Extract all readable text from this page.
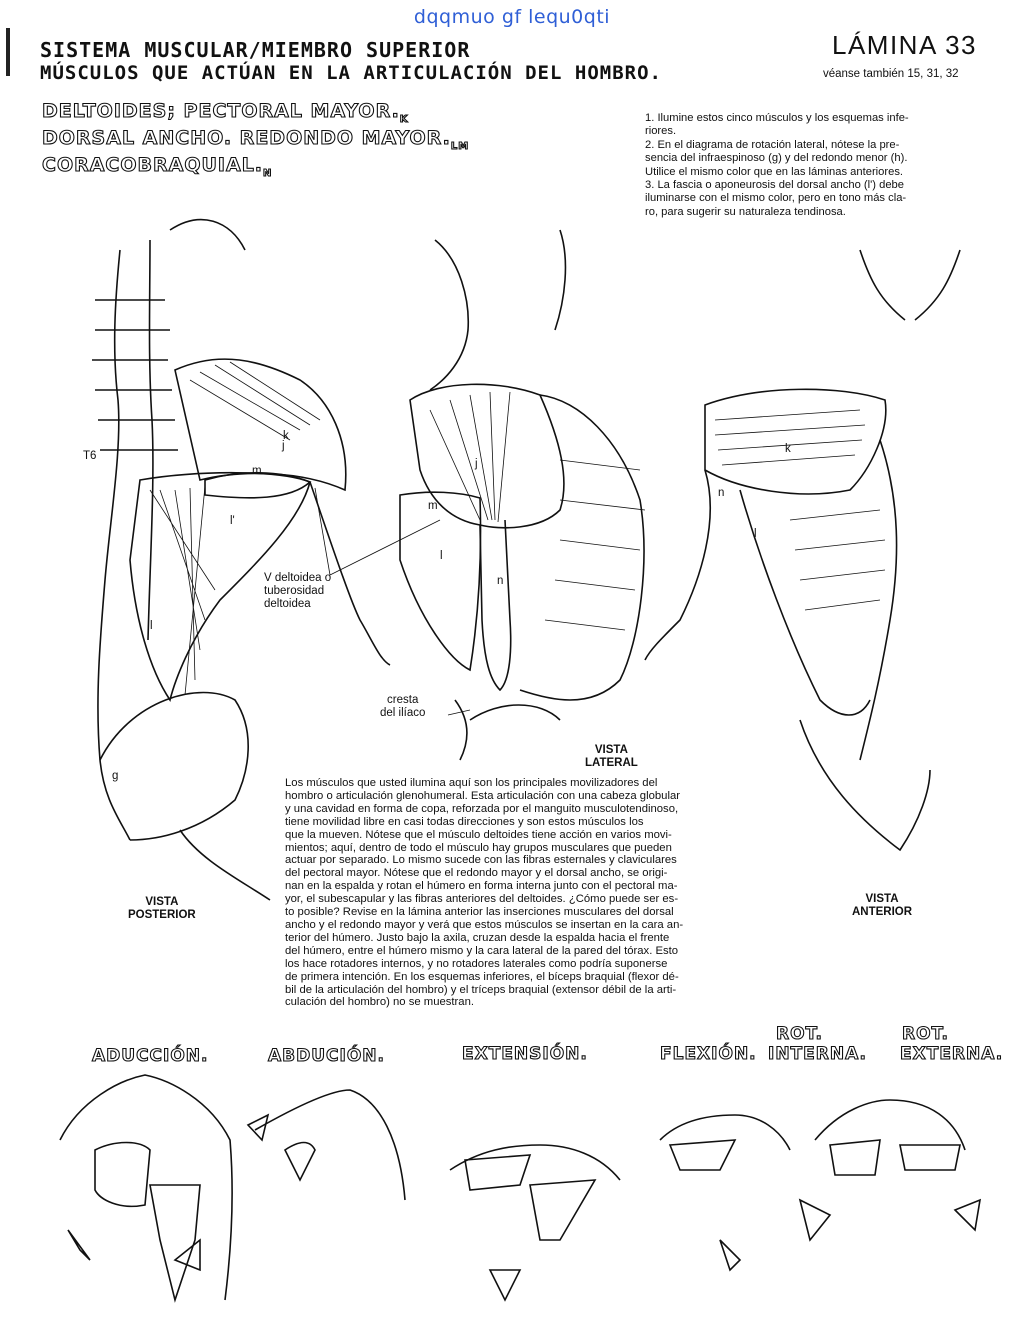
dqqmuo gf lequ0qti
SISTEMA MUSCULAR/MIEMBRO SUPERIOR
MÚSCULOS QUE ACTÚAN EN LA ARTICULACIÓN DEL HOMBRO.
LÁMINA 33
véanse también 15, 31, 32
DELTOIDES; PECTORAL $MAYOR._K$
DORSAL ANCHO. REDONDO $MAYOR._{LM}$
$CORACOBRAQUIAL._N$
1. Ilumine estos cinco músculos y los esquemas infe-
riores.
2. En el diagrama de rotación lateral, nótese la pre-
sencia del infraespinoso (g) y del redondo menor (h).
Utilice el mismo color que en las láminas anteriores.
3. La fascia o aponeurosis del dorsal ancho (l') debe
iluminarse con el mismo color, pero en tono más cla-
ro, para sugerir su naturaleza tendinosa.
k
j
m
n
l
l'
j
m
l
k
n
l
g
T6
V deltoidea o
tuberosidad
deltoidea
cresta
del ilíaco
VISTA
LATERAL
VISTA
POSTERIOR
VISTA
ANTERIOR
Los músculos que usted ilumina aquí son los principales movilizadores del
hombro o articulación glenohumeral. Esta articulación con una cabeza globular
y una cavidad en forma de copa, reforzada por el manguito musculotendinoso,
tiene movilidad libre en casi todas direcciones y son estos músculos los
que la mueven. Nótese que el músculo deltoides tiene acción en varios movi-
mientos; aquí, dentro de todo el músculo hay grupos musculares que pueden
actuar por separado. Lo mismo sucede con las fibras esternales y claviculares
del pectoral mayor. Nótese que el redondo mayor y el dorsal ancho, se origi-
nan en la espalda y rotan el húmero en forma interna junto con el pectoral ma-
yor, el subescapular y las fibras anteriores del deltoides. ¿Cómo puede ser es-
to posible? Revise en la lámina anterior las inserciones musculares del dorsal
ancho y el redondo mayor y verá que estos músculos se insertan en la cara an-
terior del húmero. Justo bajo la axila, cruzan desde la espalda hacia el frente
del húmero, entre el húmero mismo y la cara lateral de la pared del tórax. Esto
los hace rotadores internos, y no rotadores laterales como podría suponerse
de primera intención. En los esquemas inferiores, el bíceps braquial (flexor dé-
bil de la articulación del hombro) y el tríceps braquial (extensor débil de la arti-
culación del hombro) no se muestran.
ADUCCIÓN.	ABDUCIÓN.	EXTENSIÓN.	FLEXIÓN.
ROT.
INTERNA.
ROT.
EXTERNA.
